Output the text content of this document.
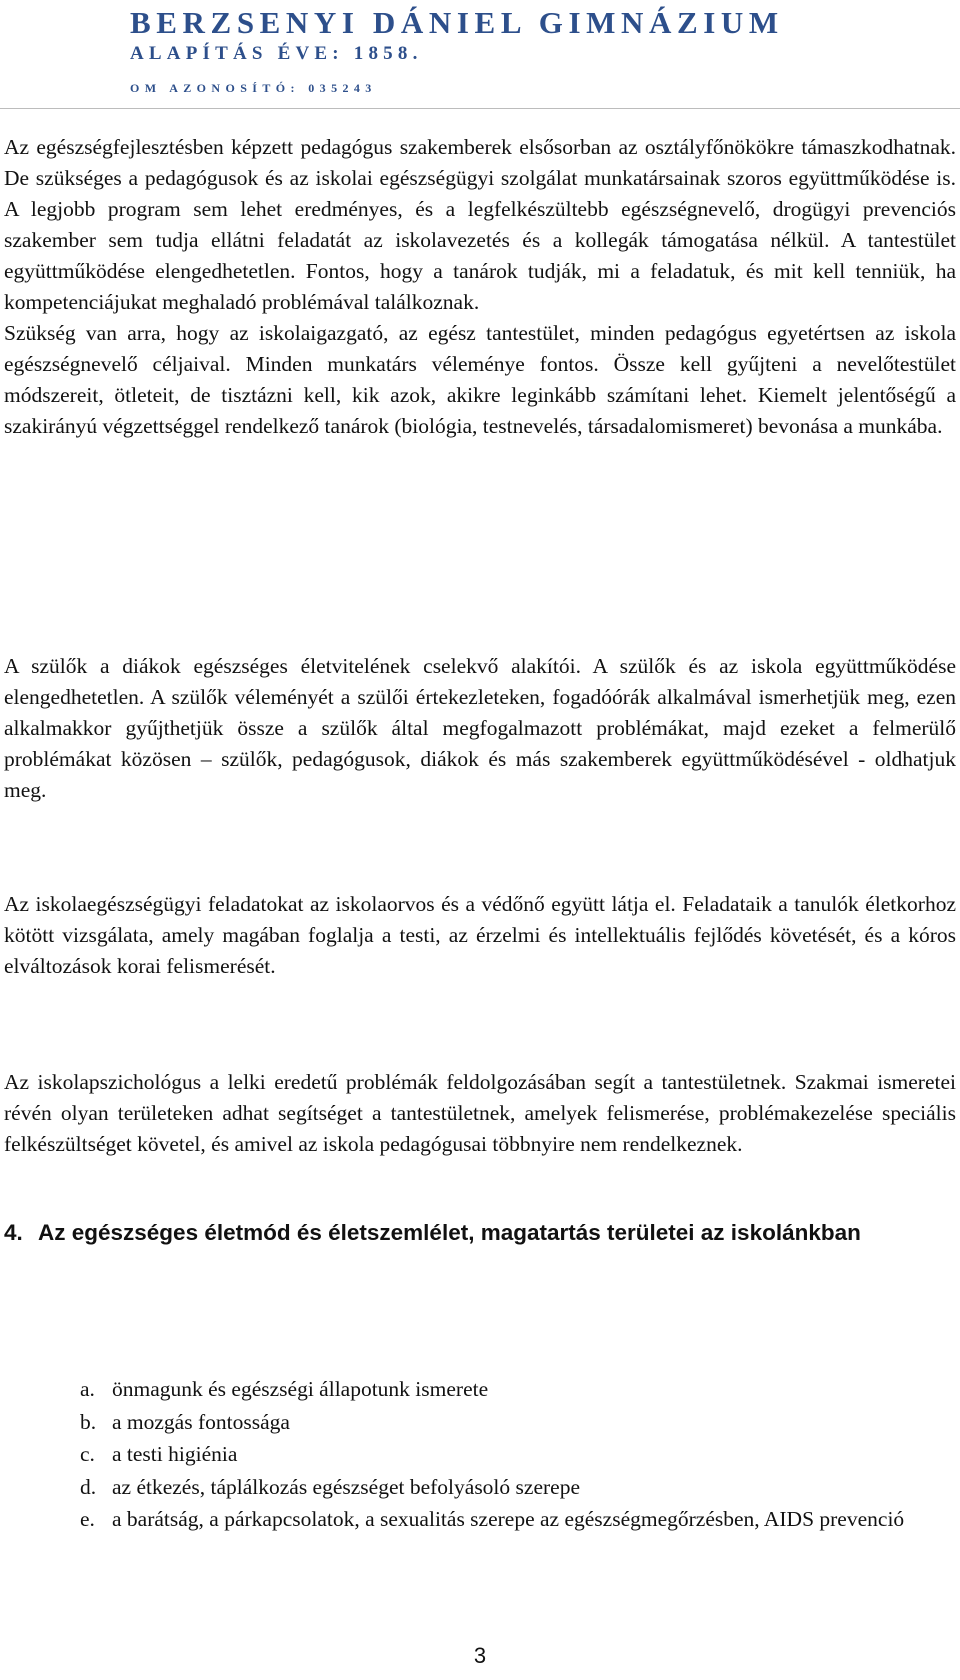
BERZSENYI DÁNIEL GIMNÁZIUM
ALAPÍTÁS ÉVE: 1858.
OM AZONOSÍTÓ: 035243

Az egészségfejlesztésben képzett pedagógus szakemberek elsősorban az osztályfőnökökre támaszkodhatnak. De szükséges a pedagógusok és az iskolai egészségügyi szolgálat munkatársainak szoros együttműködése is. A legjobb program sem lehet eredményes, és a legfelkészültebb egészségnevelő, drogügyi prevenciós szakember sem tudja ellátni feladatát az iskolavezetés és a kollegák támogatása nélkül. A tantestület együttműködése elengedhetetlen. Fontos, hogy a tanárok tudják, mi a feladatuk, és mit kell tenniük, ha kompetenciájukat meghaladó problémával találkoznak.

Szükség van arra, hogy az iskolaigazgató, az egész tantestület, minden pedagógus egyetértsen az iskola egészségnevelő céljaival. Minden munkatárs véleménye fontos. Össze kell gyűjteni a nevelőtestület módszereit, ötleteit, de tisztázni kell, kik azok, akikre leginkább számítani lehet. Kiemelt jelentőségű a szakirányú végzettséggel rendelkező tanárok (biológia, testnevelés, társadalomismeret) bevonása a munkába.

A szülők a diákok egészséges életvitelének cselekvő alakítói. A szülők és az iskola együttműködése elengedhetetlen. A szülők véleményét a szülői értekezleteken, fogadóórák alkalmával ismerhetjük meg, ezen alkalmakkor gyűjthetjük össze a szülők által megfogalmazott problémákat, majd ezeket a felmerülő problémákat közösen – szülők, pedagógusok, diákok és más szakemberek együttműködésével - oldhatjuk meg.

Az iskolaegészségügyi feladatokat az iskolaorvos és a védőnő együtt látja el. Feladataik a tanulók életkorhoz kötött vizsgálata, amely magában foglalja a testi, az érzelmi és intellektuális fejlődés követését, és a kóros elváltozások korai felismerését.

Az iskolapszichológus a lelki eredetű problémák feldolgozásában segít a tantestületnek. Szakmai ismeretei révén olyan területeken adhat segítséget a tantestületnek, amelyek felismerése, problémakezelése speciális felkészültséget követel, és amivel az iskola pedagógusai többnyire nem rendelkeznek.

4. Az egészséges életmód és életszemlélet, magatartás területei az iskolánkban
a. önmagunk és egészségi állapotunk ismerete
b. a mozgás fontossága
c. a testi higiénia
d. az étkezés, táplálkozás egészséget befolyásoló szerepe
e. a barátság, a párkapcsolatok, a sexualitás szerepe az egészségmegőrzésben, AIDS prevenció
3
